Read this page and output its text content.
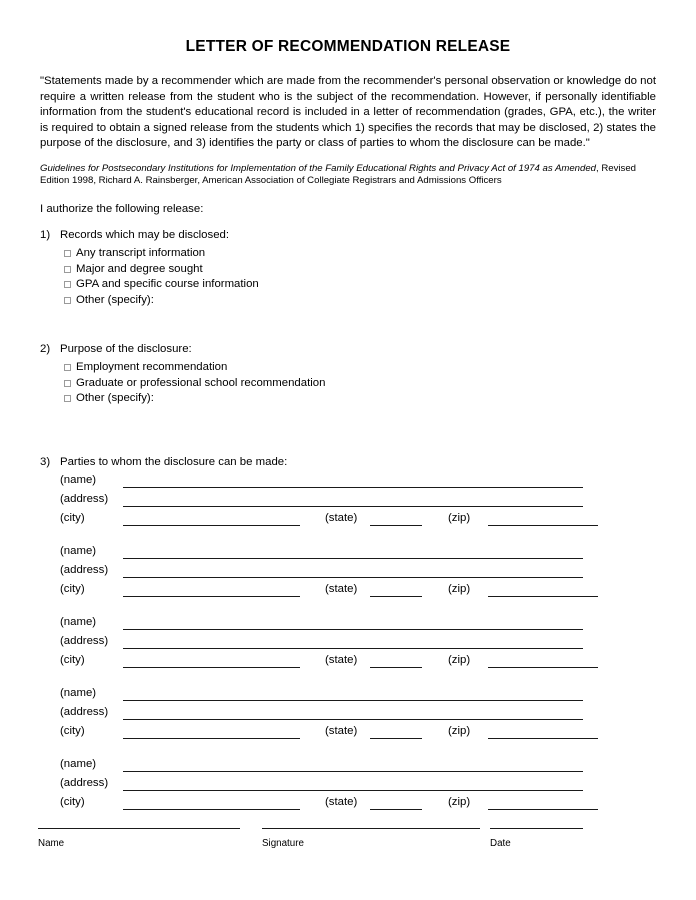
LETTER OF RECOMMENDATION RELEASE
"Statements made by a recommender which are made from the recommender's personal observation or knowledge do not require a written release from the student who is the subject of the recommendation. However, if personally identifiable information from the student's educational record is included in a letter of recommendation (grades, GPA, etc.), the writer is required to obtain a signed release from the students which 1) specifies the records that may be disclosed, 2) states the purpose of the disclosure, and 3) identifies the party or class of parties to whom the disclosure can be made."
Guidelines for Postsecondary Institutions for Implementation of the Family Educational Rights and Privacy Act of 1974 as Amended, Revised Edition 1998, Richard A. Rainsberger, American Association of Collegiate Registrars and Admissions Officers
I authorize the following release:
1) Records which may be disclosed:
Any transcript information
Major and degree sought
GPA and specific course information
Other (specify):
2) Purpose of the disclosure:
Employment recommendation
Graduate or professional school recommendation
Other (specify):
3) Parties to whom the disclosure can be made:
(name)
(address)
(city)	(state)	(zip)
(name)
(address)
(city)	(state)	(zip)
(name)
(address)
(city)	(state)	(zip)
(name)
(address)
(city)	(state)	(zip)
(name)
(address)
(city)	(state)	(zip)
Name	Signature	Date
